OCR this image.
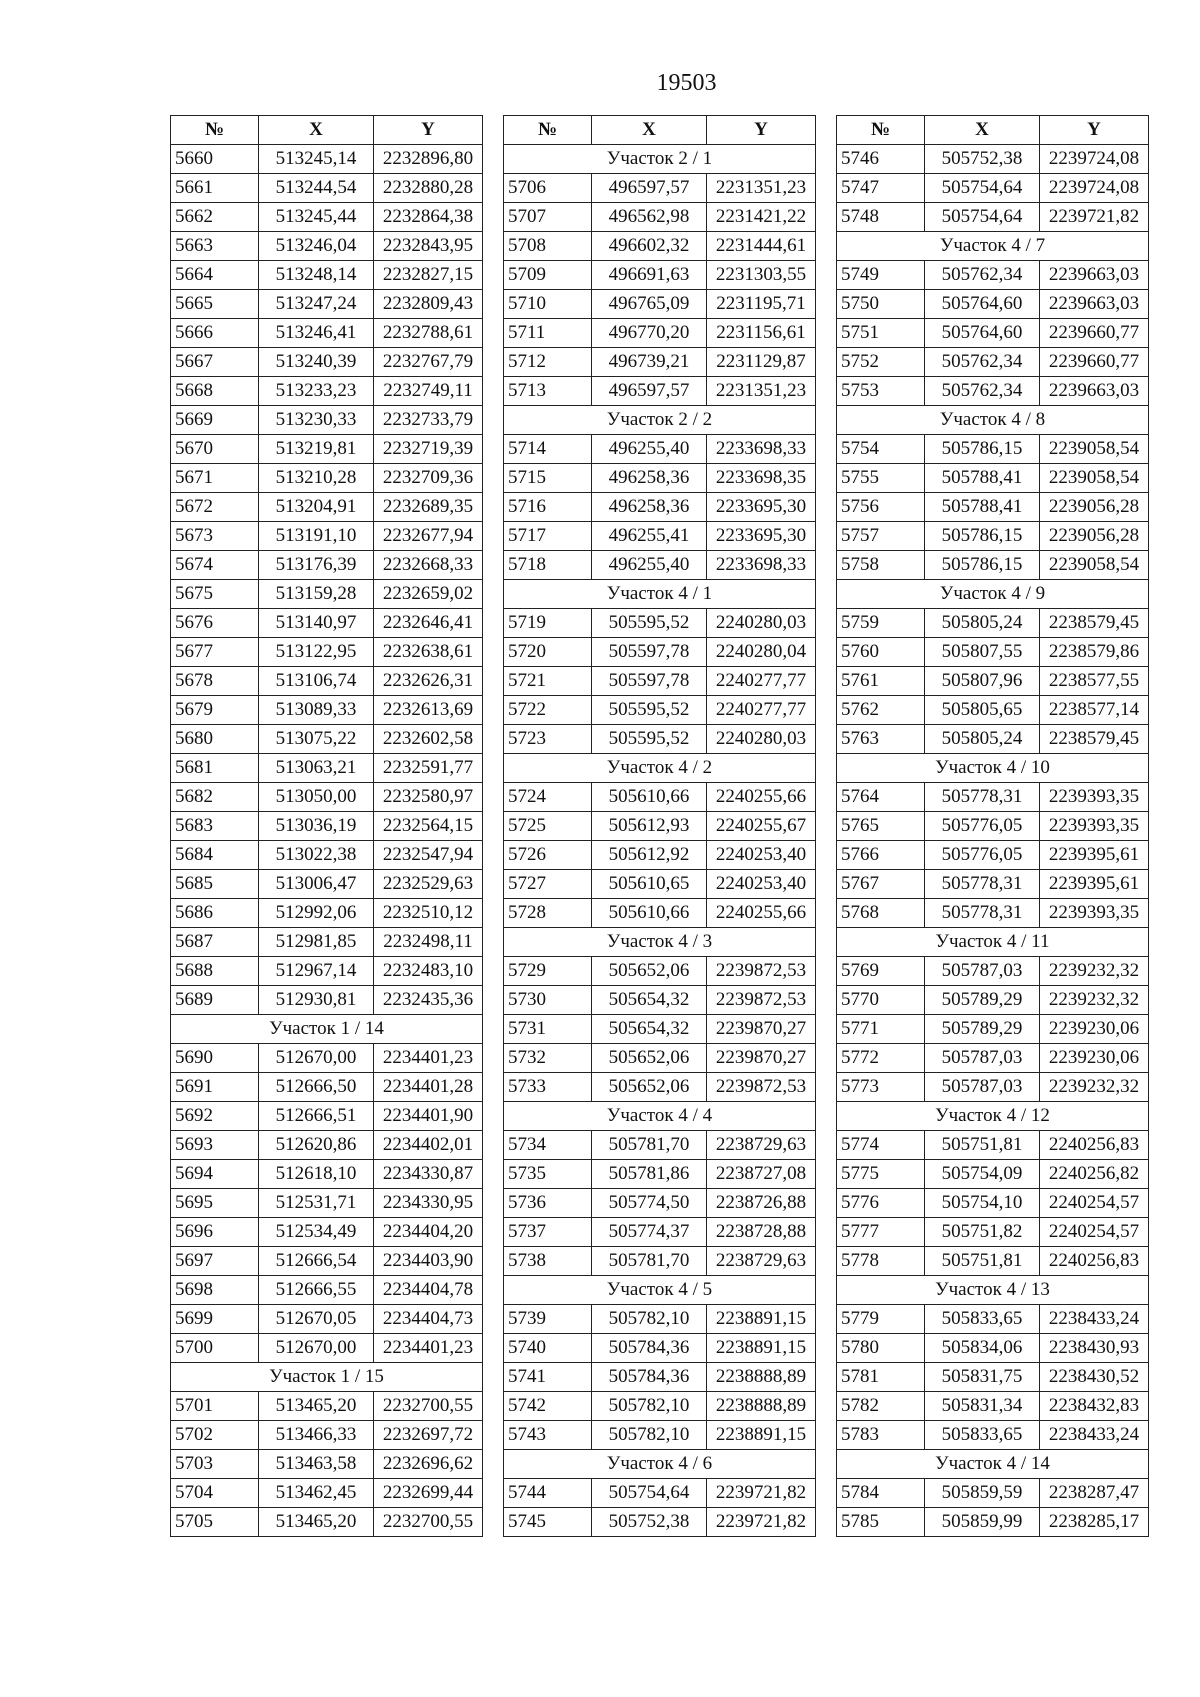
19503
№	X	Y
5660	513245,14	2232896,80
5661	513244,54	2232880,28
5662	513245,44	2232864,38
5663	513246,04	2232843,95
5664	513248,14	2232827,15
5665	513247,24	2232809,43
5666	513246,41	2232788,61
5667	513240,39	2232767,79
5668	513233,23	2232749,11
5669	513230,33	2232733,79
5670	513219,81	2232719,39
5671	513210,28	2232709,36
5672	513204,91	2232689,35
5673	513191,10	2232677,94
5674	513176,39	2232668,33
5675	513159,28	2232659,02
5676	513140,97	2232646,41
5677	513122,95	2232638,61
5678	513106,74	2232626,31
5679	513089,33	2232613,69
5680	513075,22	2232602,58
5681	513063,21	2232591,77
5682	513050,00	2232580,97
5683	513036,19	2232564,15
5684	513022,38	2232547,94
5685	513006,47	2232529,63
5686	512992,06	2232510,12
5687	512981,85	2232498,11
5688	512967,14	2232483,10
5689	512930,81	2232435,36
Участок 1 / 14		
5690	512670,00	2234401,23
5691	512666,50	2234401,28
5692	512666,51	2234401,90
5693	512620,86	2234402,01
5694	512618,10	2234330,87
5695	512531,71	2234330,95
5696	512534,49	2234404,20
5697	512666,54	2234403,90
5698	512666,55	2234404,78
5699	512670,05	2234404,73
5700	512670,00	2234401,23
Участок 1 / 15		
5701	513465,20	2232700,55
5702	513466,33	2232697,72
5703	513463,58	2232696,62
5704	513462,45	2232699,44
5705	513465,20	2232700,55
№	X	Y
Участок 2 / 1		
5706	496597,57	2231351,23
5707	496562,98	2231421,22
5708	496602,32	2231444,61
5709	496691,63	2231303,55
5710	496765,09	2231195,71
5711	496770,20	2231156,61
5712	496739,21	2231129,87
5713	496597,57	2231351,23
Участок 2 / 2		
5714	496255,40	2233698,33
5715	496258,36	2233698,35
5716	496258,36	2233695,30
5717	496255,41	2233695,30
5718	496255,40	2233698,33
Участок 4 / 1		
5719	505595,52	2240280,03
5720	505597,78	2240280,04
5721	505597,78	2240277,77
5722	505595,52	2240277,77
5723	505595,52	2240280,03
Участок 4 / 2		
5724	505610,66	2240255,66
5725	505612,93	2240255,67
5726	505612,92	2240253,40
5727	505610,65	2240253,40
5728	505610,66	2240255,66
Участок 4 / 3		
5729	505652,06	2239872,53
5730	505654,32	2239872,53
5731	505654,32	2239870,27
5732	505652,06	2239870,27
5733	505652,06	2239872,53
Участок 4 / 4		
5734	505781,70	2238729,63
5735	505781,86	2238727,08
5736	505774,50	2238726,88
5737	505774,37	2238728,88
5738	505781,70	2238729,63
Участок 4 / 5		
5739	505782,10	2238891,15
5740	505784,36	2238891,15
5741	505784,36	2238888,89
5742	505782,10	2238888,89
5743	505782,10	2238891,15
Участок 4 / 6		
5744	505754,64	2239721,82
5745	505752,38	2239721,82
№	X	Y
5746	505752,38	2239724,08
5747	505754,64	2239724,08
5748	505754,64	2239721,82
Участок 4 / 7		
5749	505762,34	2239663,03
5750	505764,60	2239663,03
5751	505764,60	2239660,77
5752	505762,34	2239660,77
5753	505762,34	2239663,03
Участок 4 / 8		
5754	505786,15	2239058,54
5755	505788,41	2239058,54
5756	505788,41	2239056,28
5757	505786,15	2239056,28
5758	505786,15	2239058,54
Участок 4 / 9		
5759	505805,24	2238579,45
5760	505807,55	2238579,86
5761	505807,96	2238577,55
5762	505805,65	2238577,14
5763	505805,24	2238579,45
Участок 4 / 10		
5764	505778,31	2239393,35
5765	505776,05	2239393,35
5766	505776,05	2239395,61
5767	505778,31	2239395,61
5768	505778,31	2239393,35
Участок 4 / 11		
5769	505787,03	2239232,32
5770	505789,29	2239232,32
5771	505789,29	2239230,06
5772	505787,03	2239230,06
5773	505787,03	2239232,32
Участок 4 / 12		
5774	505751,81	2240256,83
5775	505754,09	2240256,82
5776	505754,10	2240254,57
5777	505751,82	2240254,57
5778	505751,81	2240256,83
Участок 4 / 13		
5779	505833,65	2238433,24
5780	505834,06	2238430,93
5781	505831,75	2238430,52
5782	505831,34	2238432,83
5783	505833,65	2238433,24
Участок 4 / 14		
5784	505859,59	2238287,47
5785	505859,99	2238285,17
